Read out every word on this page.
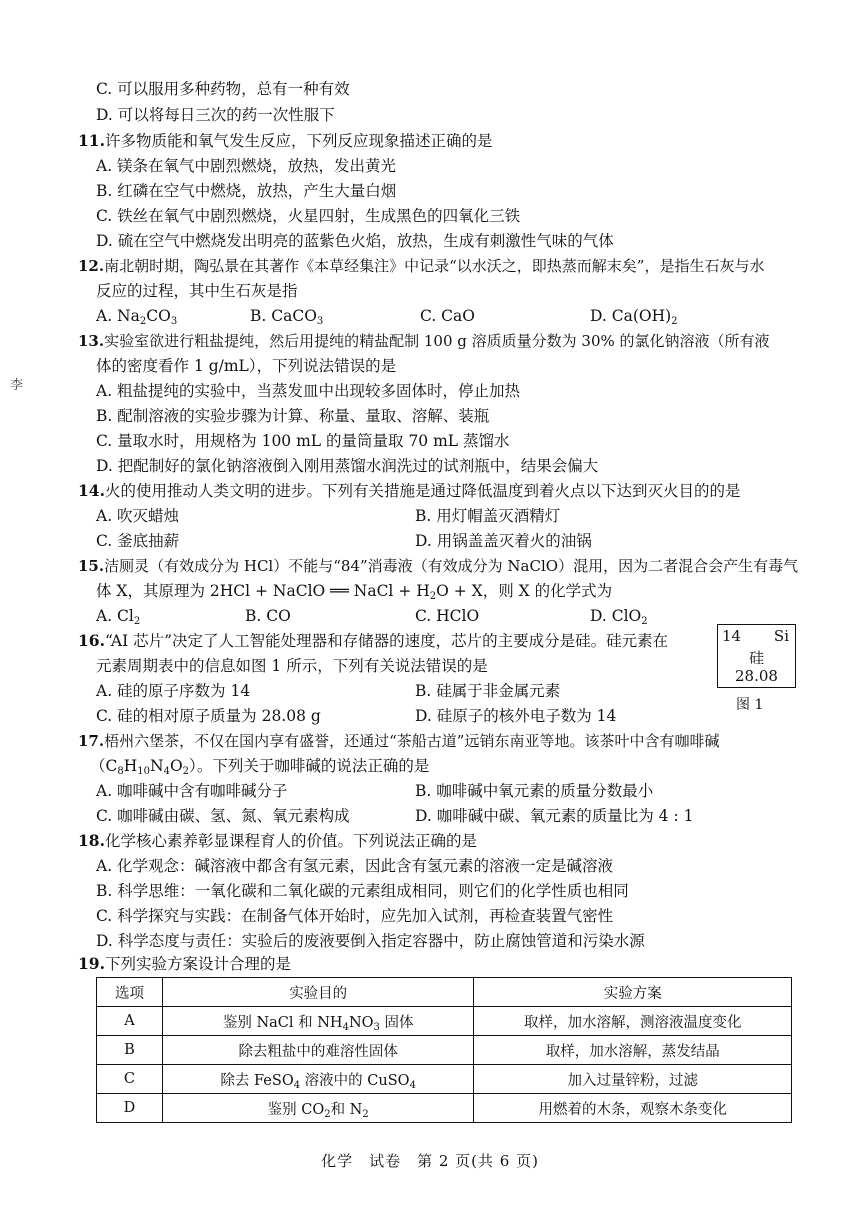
李
C. 可以服用多种药物，总有一种有效
D. 可以将每日三次的药一次性服下
11.许多物质能和氧气发生反应，下列反应现象描述正确的是
A. 镁条在氧气中剧烈燃烧，放热，发出黄光
B. 红磷在空气中燃烧，放热，产生大量白烟
C. 铁丝在氧气中剧烈燃烧，火星四射，生成黑色的四氧化三铁
D. 硫在空气中燃烧发出明亮的蓝紫色火焰，放热，生成有刺激性气味的气体
12.南北朝时期，陶弘景在其著作《本草经集注》中记录“以水沃之，即热蒸而解末矣”，是指生石灰与水
反应的过程，其中生石灰是指
A. $Na_2CO_3$	B. CaCO$_3$	C. CaO	D. $Ca(OH)_2$
13.实验室欲进行粗盐提纯，然后用提纯的精盐配制 100 g 溶质质量分数为 30% 的氯化钠溶液（所有液
体的密度看作 1 g/mL），下列说法错误的是
A. 粗盐提纯的实验中，当蒸发皿中出现较多固体时，停止加热
B. 配制溶液的实验步骤为计算、称量、量取、溶解、装瓶
C. 量取水时，用规格为 100 mL 的量筒量取 70 mL 蒸馏水
D. 把配制好的氯化钠溶液倒入刚用蒸馏水润洗过的试剂瓶中，结果会偏大
14.火的使用推动人类文明的进步。下列有关措施是通过降低温度到着火点以下达到灭火目的的是
A. 吹灭蜡烛	B. 用灯帽盖灭酒精灯
C. 釜底抽薪	D. 用锅盖盖灭着火的油锅
15.洁厕灵（有效成分为 HCl）不能与“84”消毒液（有效成分为 NaClO）混用，因为二者混合会产生有毒气
体 X，其原理为 2HCl + NaClO ══ NaCl + $H_2O + X$，则 X 的化学式为
A. $Cl_2$	B. CO	C. HClO	D. ClO$_2$
16.“AI 芯片”决定了人工智能处理器和存储器的速度，芯片的主要成分是硅。硅元素在
元素周期表中的信息如图 1 所示，下列有关说法错误的是
A. 硅的原子序数为 14	B. 硅属于非金属元素
C. 硅的相对原子质量为 28.08 g	D. 硅原子的核外电子数为 14
14 Si
硅
28.08
图 1
17.梧州六堡茶，不仅在国内享有盛誉，还通过“茶船古道”远销东南亚等地。该茶叶中含有咖啡碱
$(C_8H_{10}N_4O_2)$。下列关于咖啡碱的说法正确的是
A. 咖啡碱中含有咖啡碱分子	B. 咖啡碱中氧元素的质量分数最小
C. 咖啡碱由碳、氢、氮、氧元素构成	D. 咖啡碱中碳、氧元素的质量比为 4 : 1
18.化学核心素养彰显课程育人的价值。下列说法正确的是
A. 化学观念：碱溶液中都含有氢元素，因此含有氢元素的溶液一定是碱溶液
B. 科学思维：一氧化碳和二氧化碳的元素组成相同，则它们的化学性质也相同
C. 科学探究与实践：在制备气体开始时，应先加入试剂，再检查装置气密性
D. 科学态度与责任：实验后的废液要倒入指定容器中，防止腐蚀管道和污染水源
19.下列实验方案设计合理的是
选项	实验目的	实验方案
A	鉴别 NaCl 和 $NH_4NO_3$ 固体	取样，加水溶解，测溶液温度变化
B	除去粗盐中的难溶性固体	取样，加水溶解，蒸发结晶
C	除去 FeSO$_4$ 溶液中的 CuSO$_4$	加入过量锌粉，过滤
D	鉴别 $CO_2$和 $N_2$	用燃着的木条，观察木条变化
化学　试卷　第 2 页(共 6 页)
